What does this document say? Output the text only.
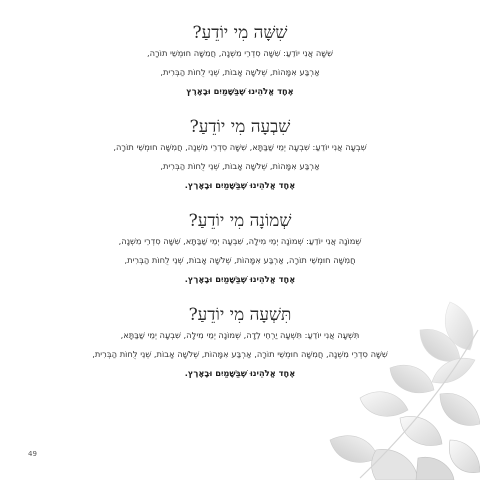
שִׁשָּׁה מִי יוֹדֵעַ?

שִׁשָּׁה אֲנִי יוֹדֵעַ: שִׁשָּׁה סִדְרֵי מִשְׁנָה, חֲמִשָּׁה חוּמְשֵׁי תוֹרָה,

אַרְבַּע אִמָּהוֹת, שְׁלֹשָׁה אָבוֹת, שְׁנֵי לֻחוֹת הַבְּרִית,

אֶחָד אֱלֹהֵינוּ שֶׁבַּשָּׁמַיִם וּבָאָרֶץ

שִׁבְעָה מִי יוֹדֵעַ?

שִׁבְעָה אֲנִי יוֹדֵעַ: שִׁבְעָה יְמֵי שַׁבַּתָּא, שִׁשָּׁה סִדְרֵי מִשְׁנָה, חֲמִשָּׁה חוּמְשֵׁי תוֹרָה,

אַרְבַּע אִמָּהוֹת, שְׁלֹשָׁה אָבוֹת, שְׁנֵי לֻחוֹת הַבְּרִית,

אֶחָד אֱלֹהֵינוּ שֶׁבַּשָּׁמַיִם וּבָאָרֶץ.

שְׁמוֹנָה מִי יוֹדֵעַ?

שְׁמוֹנָה אֲנִי יוֹדֵעַ: שְׁמוֹנָה יְמֵי מִילָה, שִׁבְעָה יְמֵי שַׁבַּתָּא, שִׁשָּׁה סִדְרֵי מִשְׁנָה,

חֲמִשָּׁה חוּמְשֵׁי תוֹרָה, אַרְבַּע אִמָּהוֹת, שְׁלֹשָׁה אָבוֹת, שְׁנֵי לֻחוֹת הַבְּרִית,

אֶחָד אֱלֹהֵינוּ שֶׁבַּשָּׁמַיִם וּבָאָרֶץ.

תִּשְׁעָה מִי יוֹדֵעַ?

תִּשְׁעָה אֲנִי יוֹדֵעַ: תִּשְׁעָה יַרְחֵי לֵדָה, שְׁמוֹנָה יְמֵי מִילָה, שִׁבְעָה יְמֵי שַׁבַּתָּא,

שִׁשָּׁה סִדְרֵי מִשְׁנָה, חֲמִשָּׁה חוּמְשֵׁי תוֹרָה, אַרְבַּע אִמָּהוֹת, שְׁלֹשָׁה אָבוֹת, שְׁנֵי לֻחוֹת הַבְּרִית,

אֶחָד אֱלֹהֵינוּ שֶׁבַּשָּׁמַיִם וּבָאָרֶץ.

49
